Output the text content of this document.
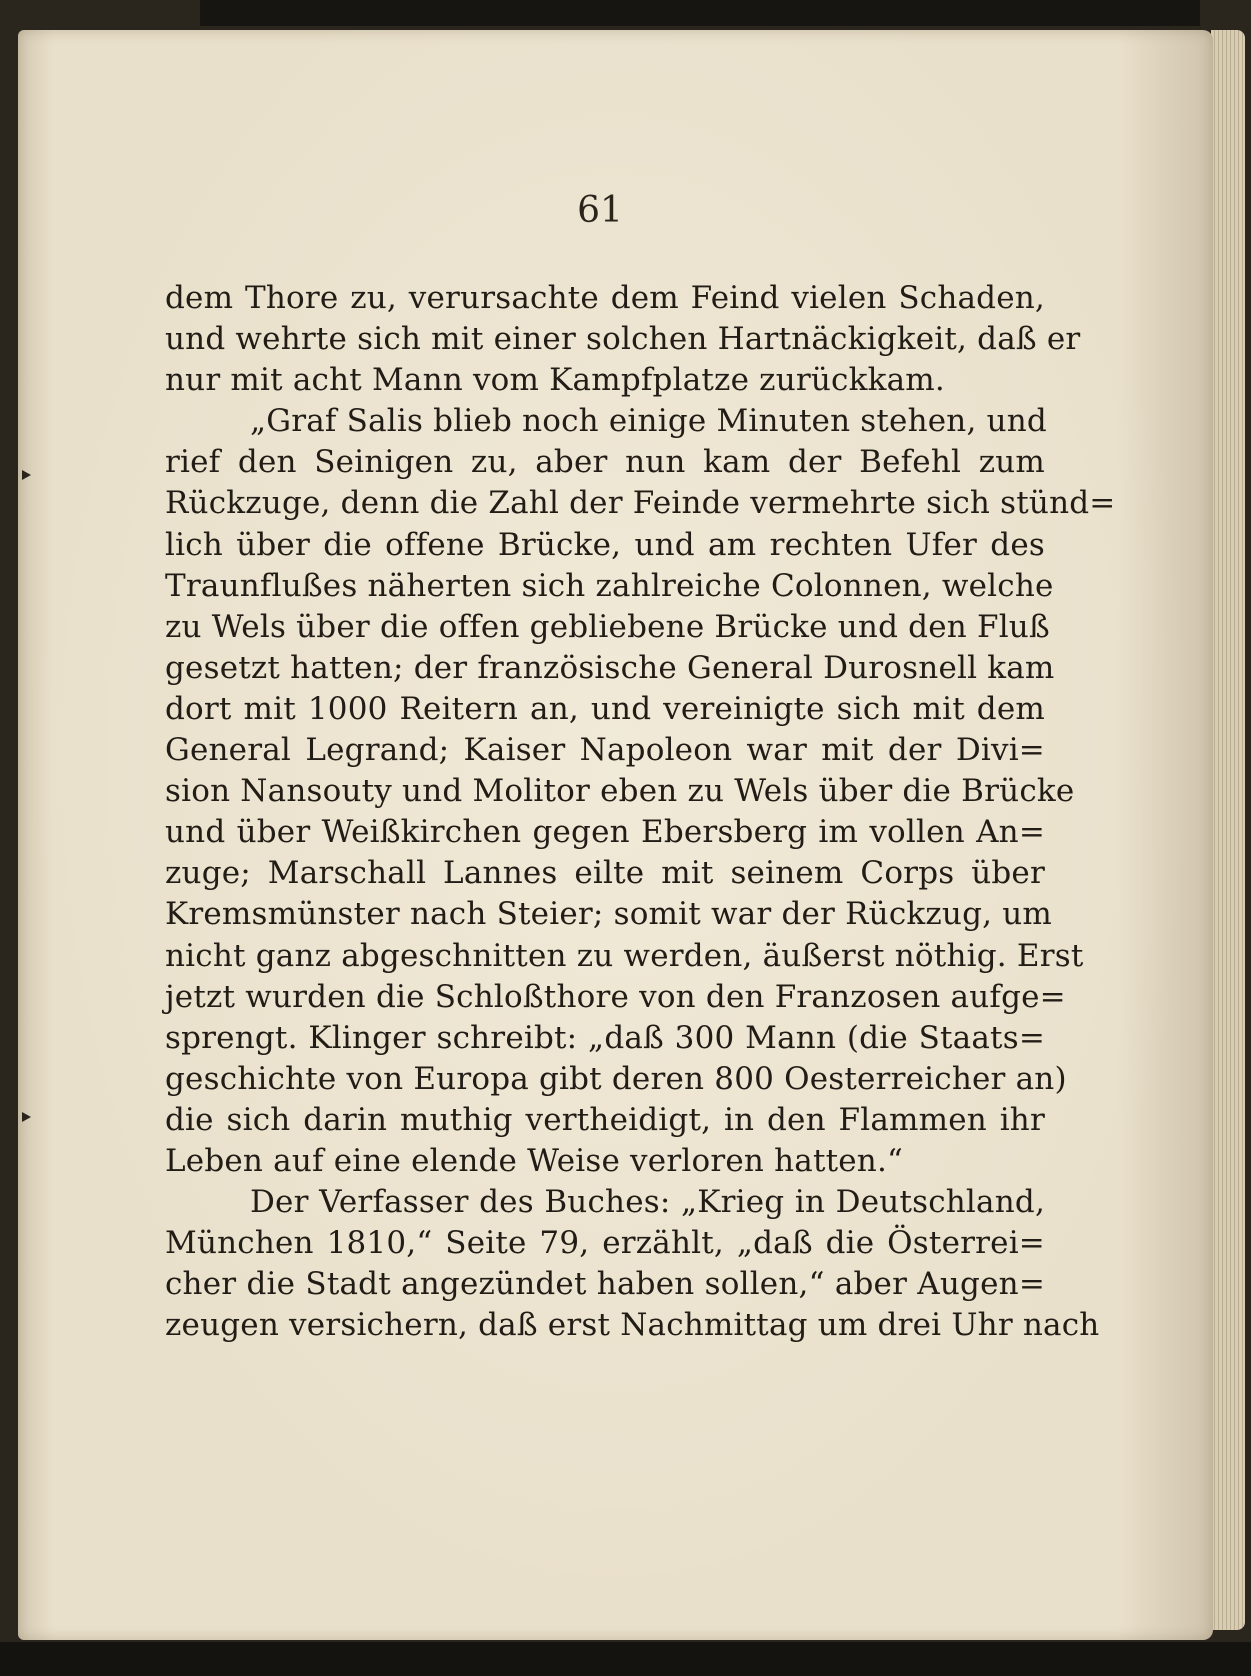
61
dem Thore zu, verursachte dem Feind vielen Schaden,
und wehrte sich mit einer solchen Hartnäckigkeit, daß er
nur mit acht Mann vom Kampfplatze zurückkam.
„Graf Salis blieb noch einige Minuten stehen, und
rief den Seinigen zu, aber nun kam der Befehl zum
Rückzuge, denn die Zahl der Feinde vermehrte sich stünd=
lich über die offene Brücke, und am rechten Ufer des
Traunflußes näherten sich zahlreiche Colonnen, welche
zu Wels über die offen gebliebene Brücke und den Fluß
gesetzt hatten; der französische General Durosnell kam
dort mit 1000 Reitern an, und vereinigte sich mit dem
General Legrand; Kaiser Napoleon war mit der Divi=
sion Nansouty und Molitor eben zu Wels über die Brücke
und über Weißkirchen gegen Ebersberg im vollen An=
zuge; Marschall Lannes eilte mit seinem Corps über
Kremsmünster nach Steier; somit war der Rückzug, um
nicht ganz abgeschnitten zu werden, äußerst nöthig. Erst
jetzt wurden die Schloßthore von den Franzosen aufge=
sprengt. Klinger schreibt: „daß 300 Mann (die Staats=
geschichte von Europa gibt deren 800 Oesterreicher an)
die sich darin muthig vertheidigt, in den Flammen ihr
Leben auf eine elende Weise verloren hatten.“
Der Verfasser des Buches: „Krieg in Deutschland,
München 1810,“ Seite 79, erzählt, „daß die Österrei=
cher die Stadt angezündet haben sollen,“ aber Augen=
zeugen versichern, daß erst Nachmittag um drei Uhr nach
